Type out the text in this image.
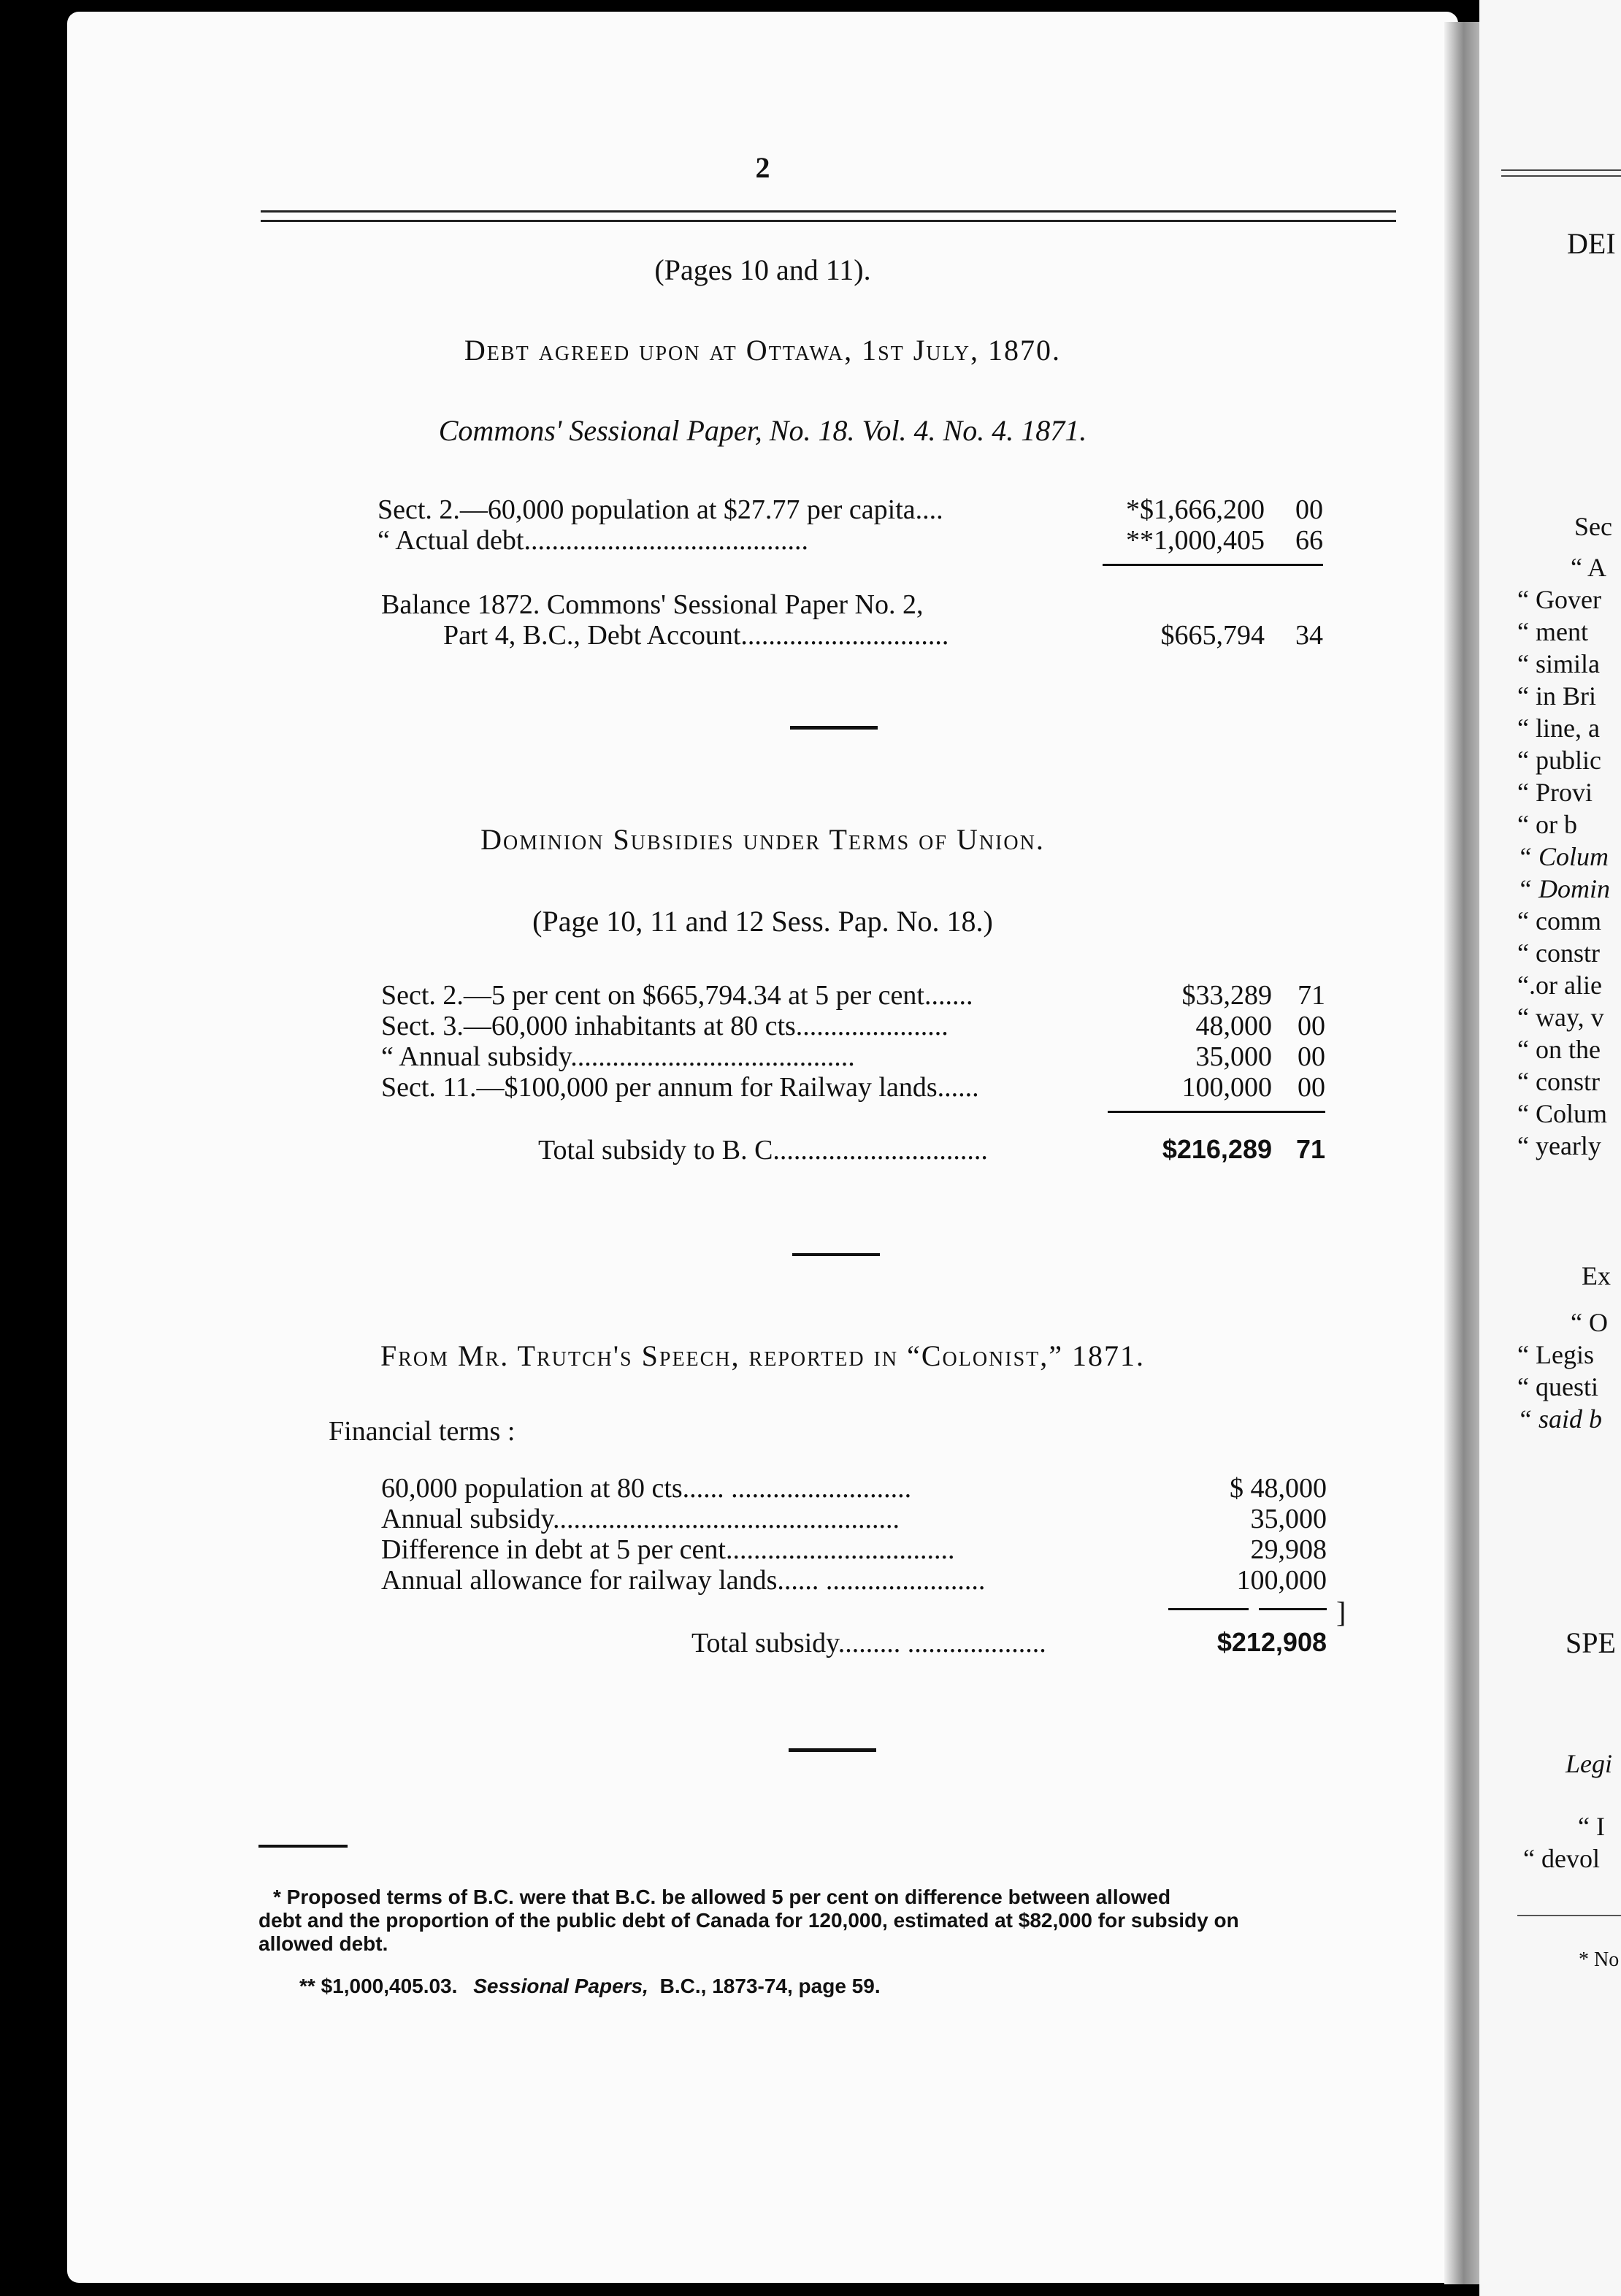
2
(Pages 10 and 11).
Debt agreed upon at Ottawa, 1st July, 1870.
Commons' Sessional Paper, No. 18. Vol. 4. No. 4. 1871.
Sect. 2.—60,000 population at $27.77 per capita....	*$1,666,200	00
“ Actual debt.........................................	**1,000,405	66
Balance 1872. Commons' Sessional Paper No. 2,
Part 4, B.C., Debt Account..............................	$665,794	34
Dominion Subsidies under Terms of Union.
(Page 10, 11 and 12 Sess. Pap. No. 18.)
Sect. 2.—5 per cent on $665,794.34 at 5 per cent.......	$33,289 71
Sect. 3.—60,000 inhabitants at 80 cts......................	48,000 00
“ Annual subsidy.........................................	35,000 00
Sect. 11.—$100,000 per annum for Railway lands......	100,000 00
Total subsidy to B. C...............................	$216,289 71
From Mr. Trutch's Speech, reported in “Colonist,” 1871.
Financial terms :
60,000 population at 80 cts...... ..........................	$ 48,000
Annual subsidy..................................................	35,000
Difference in debt at 5 per cent.................................	29,908
Annual allowance for railway lands...... .......................	100,000
Total subsidy......... ....................	$212,908
]
* Proposed terms of B.C. were that B.C. be allowed 5 per cent on difference between allowed
debt and the proportion of the public debt of Canada for 120,000, estimated at $82,000 for subsidy on
allowed debt.
** $1,000,405.03. Sessional Papers, B.C., 1873-74, page 59.
DEI
Sec
“ A
“ Gover
“ ment
“ simila
“ in Bri
“ line, a
“ public
“ Provi
“ or b
“ Colum
“ Domin
“ comm
“ constr
“.or alie
“ way, v
“ on the
“ constr
“ Colum
“ yearly
Ex
“ O
“ Legis
“ questi
“ said b
SPE
Legi
“ I
“ devol
* No
